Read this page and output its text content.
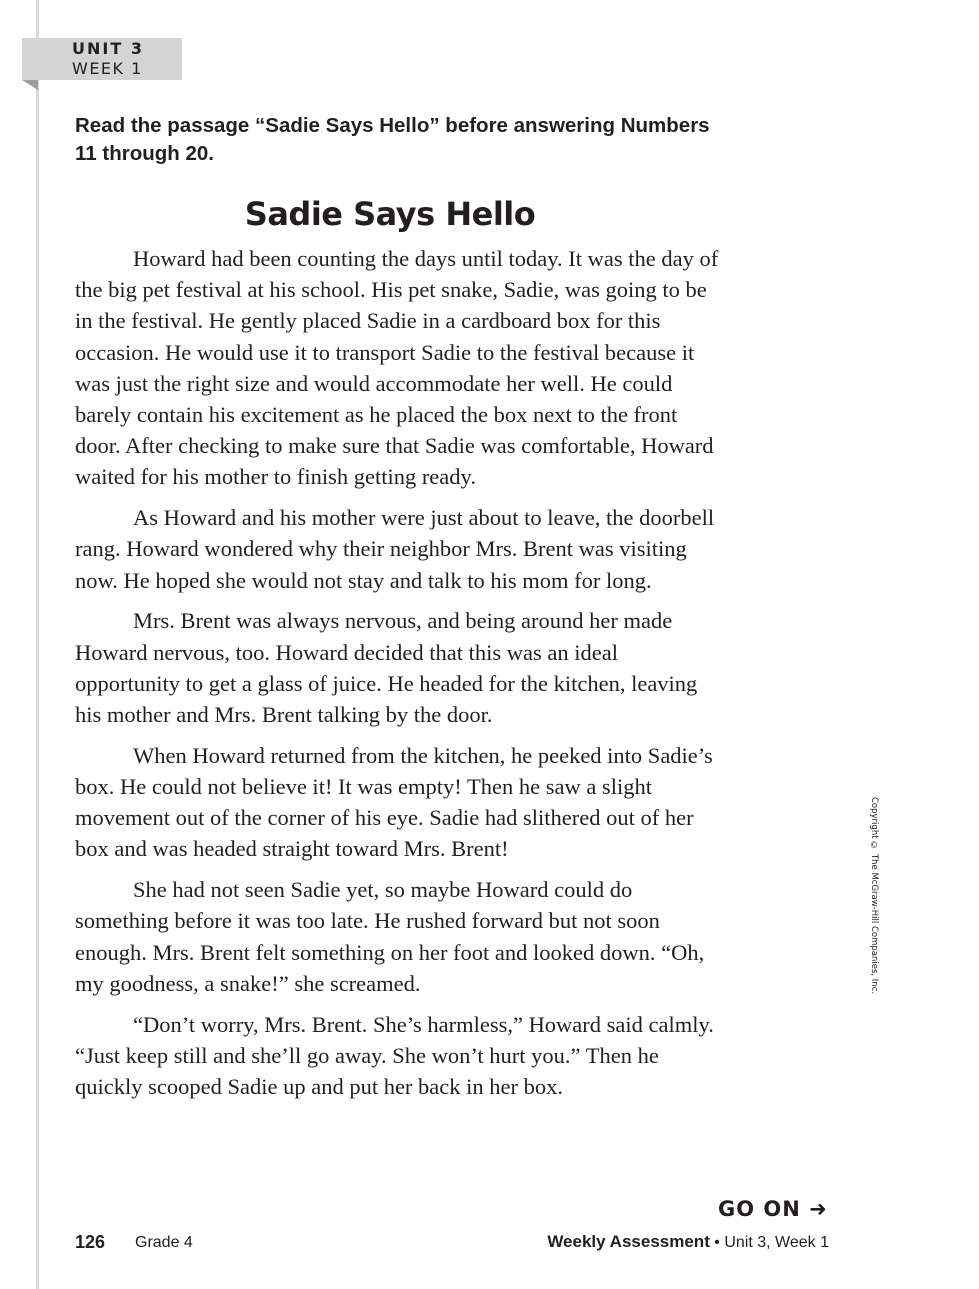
UNIT 3
WEEK 1
Read the passage “Sadie Says Hello” before answering Numbers 11 through 20.
Sadie Says Hello

Howard had been counting the days until today. It was the day of the big pet festival at his school. His pet snake, Sadie, was going to be in the festival. He gently placed Sadie in a cardboard box for this occasion. He would use it to transport Sadie to the festival because it was just the right size and would accommodate her well. He could barely contain his excitement as he placed the box next to the front door. After checking to make sure that Sadie was comfortable, Howard waited for his mother to finish getting ready.

As Howard and his mother were just about to leave, the doorbell rang. Howard wondered why their neighbor Mrs. Brent was visiting now. He hoped she would not stay and talk to his mom for long.

Mrs. Brent was always nervous, and being around her made Howard nervous, too. Howard decided that this was an ideal opportunity to get a glass of juice. He headed for the kitchen, leaving his mother and Mrs. Brent talking by the door.

When Howard returned from the kitchen, he peeked into Sadie’s box. He could not believe it! It was empty! Then he saw a slight movement out of the corner of his eye. Sadie had slithered out of her box and was headed straight toward Mrs. Brent!

She had not seen Sadie yet, so maybe Howard could do something before it was too late. He rushed forward but not soon enough. Mrs. Brent felt something on her foot and looked down. “Oh, my goodness, a snake!” she screamed.

“Don’t worry, Mrs. Brent. She’s harmless,” Howard said calmly. “Just keep still and she’ll go away. She won’t hurt you.” Then he quickly scooped Sadie up and put her back in her box.

Copyright © The McGraw-Hill Companies, Inc.
GO ON ➜
126 Grade 4	Weekly Assessment • Unit 3, Week 1
